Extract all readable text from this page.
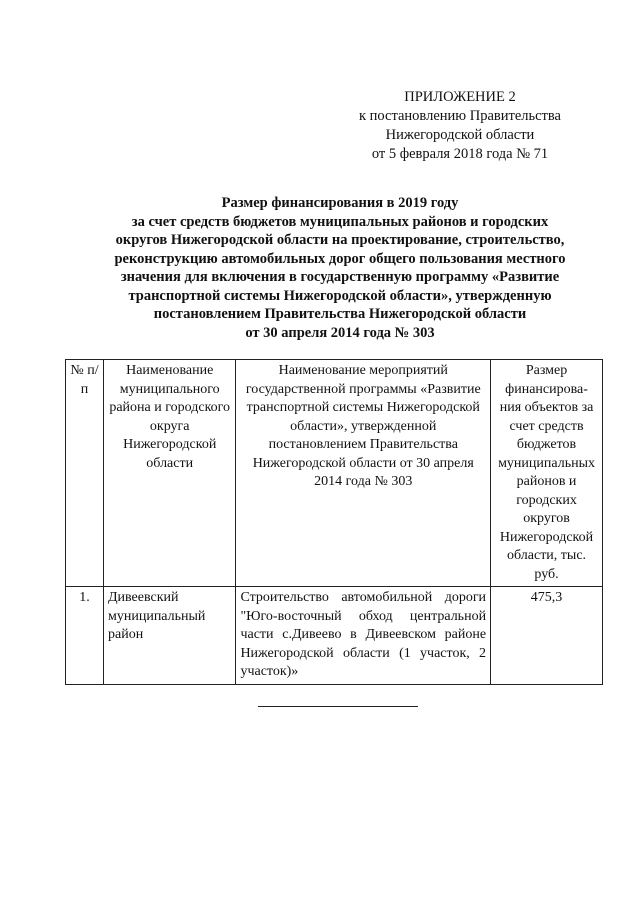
ПРИЛОЖЕНИЕ 2
к постановлению Правительства
Нижегородской области
от 5 февраля 2018 года № 71
Размер финансирования в 2019 году
за счет средств бюджетов муниципальных районов и городских
округов Нижегородской области на проектирование, строительство,
реконструкцию автомобильных дорог общего пользования местного
значения для включения в государственную программу «Развитие
транспортной системы Нижегородской области», утвержденную
постановлением Правительства Нижегородской области
от 30 апреля 2014 года № 303
№ п/п	Наименование муниципального района и городского округа Нижегородской области	Наименование мероприятий государственной программы «Развитие транспортной системы Нижегородской области», утвержденной постановлением Правительства Нижегородской области от 30 апреля 2014 года № 303	Размер финансирова-ния объектов за счет средств бюджетов муниципальных районов и городских округов Нижегородской области, тыс. руб.
1.	Дивеевский муниципальный район	Строительство автомобильной дороги "Юго-восточный обход центральной части с.Дивеево в Дивеевском районе Нижегородской области (1 участок, 2 участок)»	475,3
